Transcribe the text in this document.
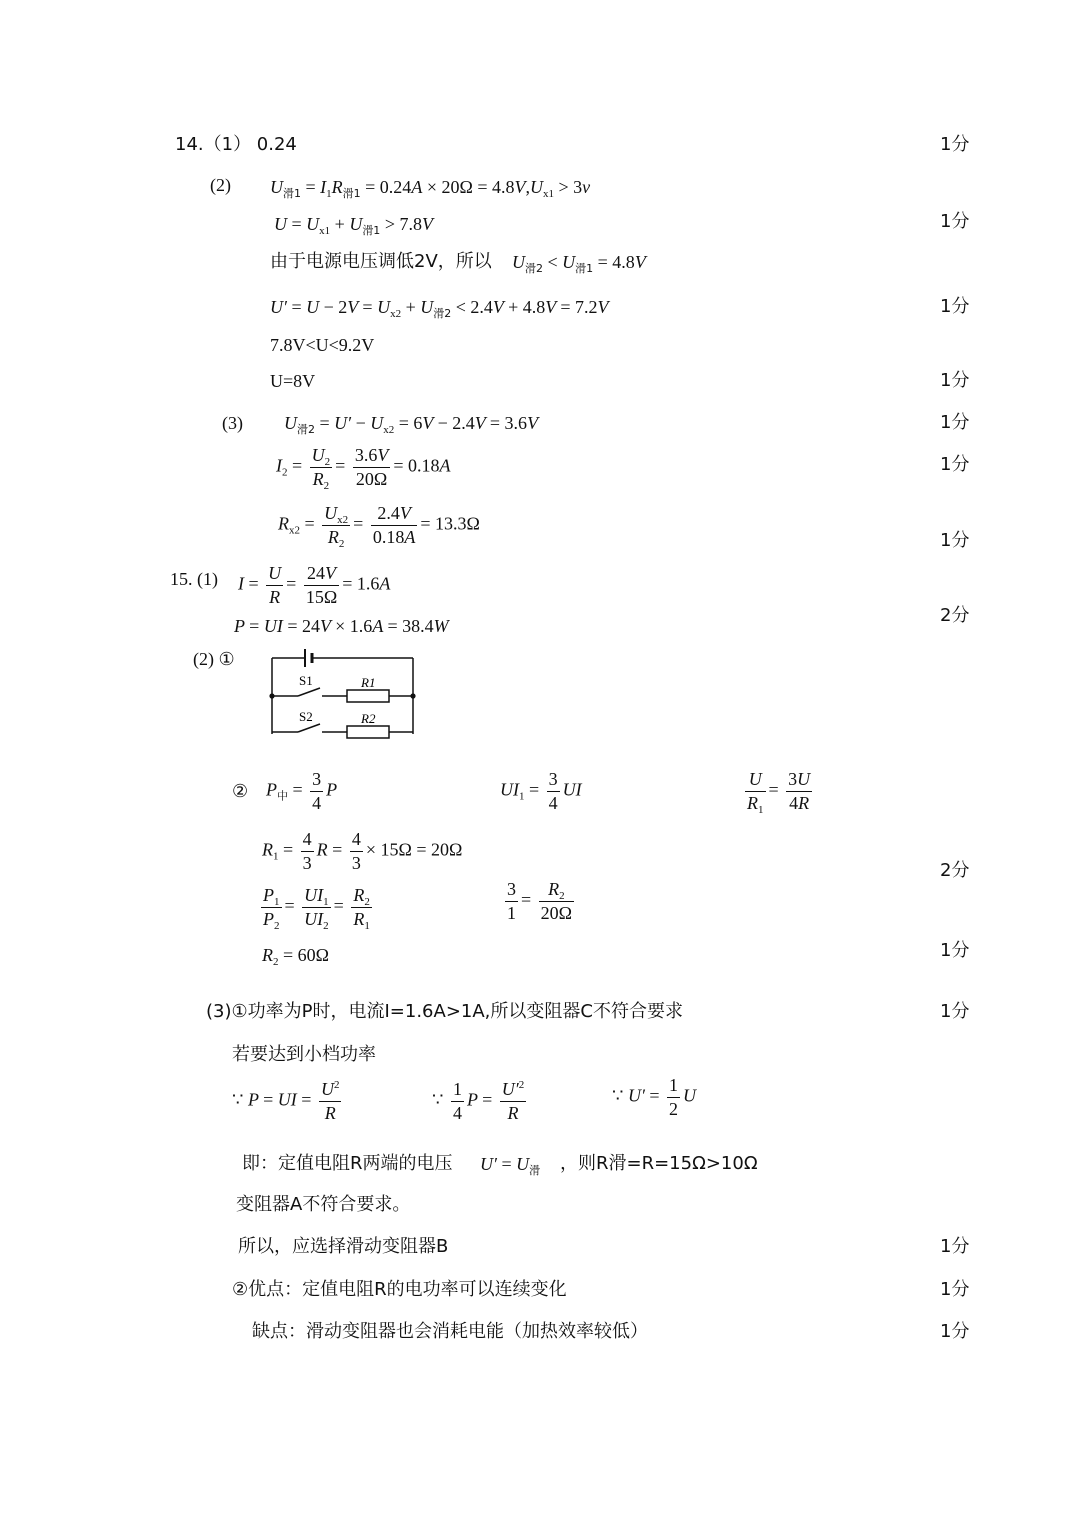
14.（1） 0.24	1分
(2) $U_{滑1} = I_1R_{滑1} = 0.24A \times 20\Omega = 4.8V,U_{x1} > 3v$
$U = U_{x1} + U_{滑1} > 7.8V$	1分
由于电源电压调低2V，所以 $U_{滑2} < U_{滑1} = 4.8V$
$U' = U - 2V = U_{x2} + U_{滑2} < 2.4V + 4.8V = 7.2V$	1分
7.8V<U<9.2V
U=8V	1分
(3) $U_{滑2} = U' - U_{x2} = 6V - 2.4V = 3.6V$	1分
$I_2 = \frac{U_2}{R_2} = \frac{3.6V}{20\Omega} = 0.18A$	1分
$R_{x2} = \frac{U_{x2}}{R_2} = \frac{2.4V}{0.18A} = 13.3\Omega$
1分
15. (1) $I = \frac{U}{R} = \frac{24V}{15\Omega} = 1.6A$
P = UI = 24V × 1.6A = 38.4W	2分
(2) ①
S1
S2
R1
R2
② $P_中 = \frac{3}{4}$ P	$UI_1 = \frac{3}{4}$ UI	$\frac{U}{R_1} = \frac{3U}{4R}$
$R_1 = \frac{4}{3}$ $R = \frac{4}{3} \times 15\Omega = 20\Omega$
2分
$\frac{P_1}{P_2} = \frac{UI_1}{UI_2} = \frac{R_2}{R_1}$	$\frac{3}{1} = \frac{R_2}{20\Omega}$
$R_2 = 60\Omega$	1分
(3)①功率为P时，电流I=1.6A>1A,所以变阻器C不符合要求	1分
若要达到小档功率
∵ P = UI = $\frac{U^2}{R}$	∵ $\frac{1}{4}$ $P = \frac{U'^2}{R}$	∵ $U' = \frac{1}{2}$ U
即：定值电阻R两端的电压 $U' = U_滑$ ，则R滑=R=15Ω>10Ω
变阻器A不符合要求。
所以，应选择滑动变阻器B	1分
②优点：定值电阻R的电功率可以连续变化	1分
缺点：滑动变阻器也会消耗电能（加热效率较低）	1分
